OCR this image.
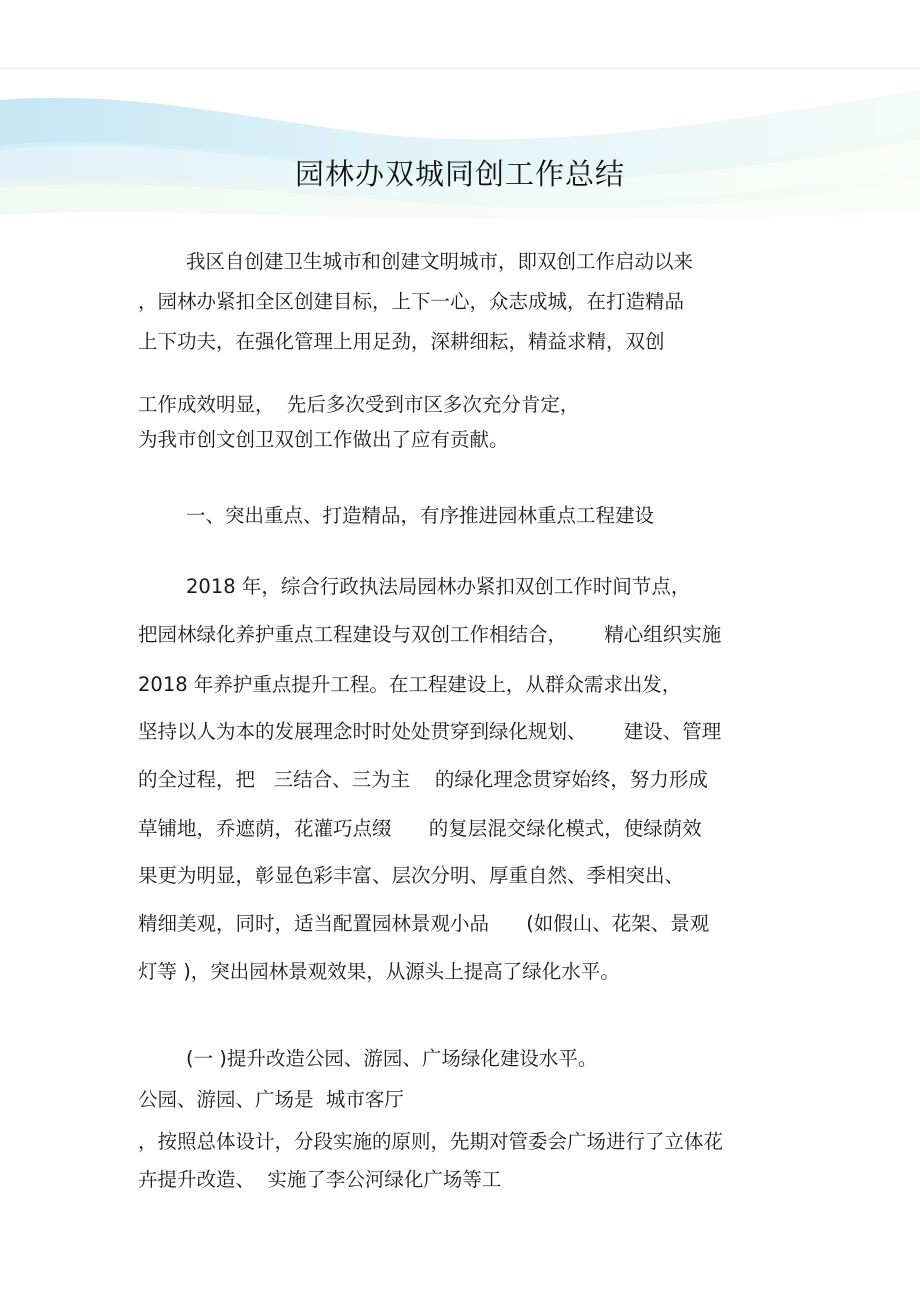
园林办双城同创工作总结
我区自创建卫生城市和创建文明城市，即双创工作启动以来
，园林办紧扣全区创建目标，上下一心，众志成城，在打造精品
上下功夫，在强化管理上用足劲，深耕细耘，精益求精，双创
工作成效明显，  先后多次受到市区多次充分肯定，
为我市创文创卫双创工作做出了应有贡献。
一、突出重点、打造精品，有序推进园林重点工程建设
2018 年，综合行政执法局园林办紧扣双创工作时间节点，
把园林绿化养护重点工程建设与双创工作相结合，      精心组织实施
2018 年养护重点提升工程。在工程建设上，从群众需求出发，
坚持以人为本的发展理念时时处处贯穿到绿化规划、      建设、管理
的全过程，把   三结合、三为主    的绿化理念贯穿始终，努力形成
草铺地，乔遮荫，花灌巧点缀      的复层混交绿化模式，使绿荫效
果更为明显，彰显色彩丰富、层次分明、厚重自然、季相突出、
精细美观，同时，适当配置园林景观小品      (如假山、花架、景观
灯等 )，突出园林景观效果，从源头上提高了绿化水平。
(一 )提升改造公园、游园、广场绿化建设水平。
公园、游园、广场是  城市客厅
，按照总体设计，分段实施的原则，先期对管委会广场进行了立体花
卉提升改造、  实施了李公河绿化广场等工
